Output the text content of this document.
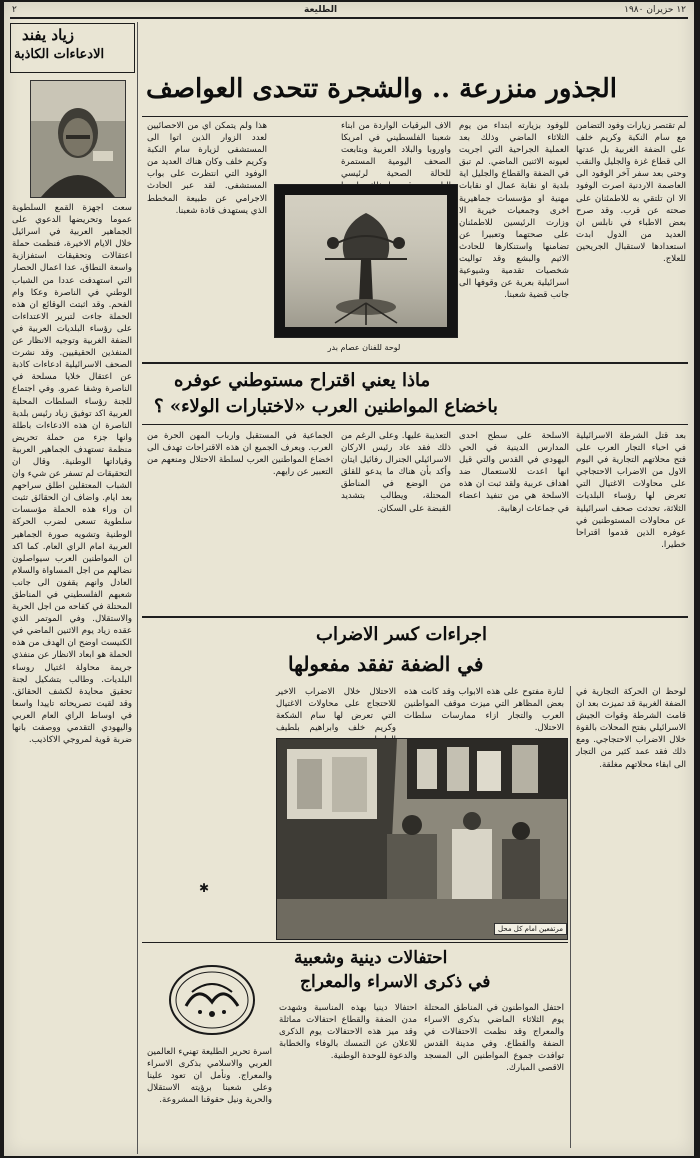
٢	الطليعة	١٢ حزيران ١٩٨٠
زياد يفند
الادعاءات الكاذبة
سعت اجهزة القمع السلطوية عموما وتحريضها الدعوي على الجماهير العربية في اسرائيل خلال الايام الاخيرة، فنظمت حملة اعتقالات وتحقيقات استفزازية واسعة النطاق، عدا اعمال الحصار التي استهدفت عددا من الشباب الوطني في الناصرة وعكا وام الفحم. وقد اثبتت الوقائع ان هذه الحملة جاءت لتبرير الاعتداءات على رؤساء البلديات العربية في الضفة الغربية وتوجيه الانظار عن المنفذين الحقيقيين. وقد نشرت الصحف الاسرائيلية ادعاءات كاذبة عن اعتقال خلايا مسلحة في الناصرة وشفا عمرو. وفي اجتماع للجنة رؤساء السلطات المحلية العربية اكد توفيق زياد رئيس بلدية الناصرة ان هذه الادعاءات باطلة وانها جزء من حملة تحريض منظمة تستهدف الجماهير العربية وقياداتها الوطنية. وقال ان التحقيقات لم تسفر عن شيء وان الشباب المعتقلين اطلق سراحهم بعد ايام. واضاف ان الحقائق تثبت ان وراء هذه الحملة مؤسسات سلطوية تسعى لضرب الحركة الوطنية وتشويه صورة الجماهير العربية امام الراي العام. كما اكد ان المواطنين العرب سيواصلون نضالهم من اجل المساواة والسلام العادل وانهم يقفون الى جانب شعبهم الفلسطيني في المناطق المحتلة في كفاحه من اجل الحرية والاستقلال. وفي الموتمر الذي عقده زياد يوم الاثنين الماضي في الكنيست اوضح ان الهدف من هذه الحملة هو ابعاد الانظار عن منفذي جريمة محاولة اغتيال روساء البلديات. وطالب بتشكيل لجنة تحقيق محايدة لكشف الحقائق. وقد لقيت تصريحاته تاييدا واسعا في اوساط الراي العام العربي واليهودي التقدمي ووصفت بانها ضربة قوية لمروجي الاكاذيب.
الجذور منزرعة .. والشجرة تتحدى العواصف
لم تقتصر زيارات وفود التضامن مع سام النكبة وكريم خلف على الضفة الغربية بل عدتها الى قطاع غزة والجليل والنقب وحتى بعد سفر آخر الوفود الى العاصمة الاردنية اصرت الوفود الا ان تلتقي به للاطمئنان على صحته عن قرب. وقد صرح بعض الاطباء في نابلس ان العديد من الدول ابدت استعدادها لاستقبال الجريحين للعلاج.
للوفود بزيارته ابتداء من يوم الثلاثاء الماضي وذلك بعد العملية الجراحية التي اجريت لعيونه الاثنين الماضي. لم تبق في الضفة والقطاع والجليل اية بلدية او نقابة عمال او نقابات مهنية او مؤسسات جماهيرية اخرى وجمعيات خيرية الا وزارت الرئيسين للاطمئنان على صحتهما وتعبيرا عن تضامنها واستنكارها للحادث الاثيم والبشع وقد تواليت شخصيات تقدمية وشيوعية اسرائيلية بعرية عن وقوفها الى جانب قضية شعبنا.
الاف البرقيات الواردة من ابناء شعبنا الفلسطيني في امريكا واوروبا والبلاد العربية وبتابعت الصحف اليومية المستمرة للحالة الصحية لرئيسي
هذا ولم يتمكن اي من الاحصائيين لعدد الزوار الذين اتوا الى المستشفى لزيارة سام النكبة وكريم خلف وكان هناك العديد من الوفود التي انتظرت على بواب المستشفى. لقد عبر الحادث الاجرامي عن طبيعة المخطط الذي يستهدف قادة شعبنا.
لوحة للفنان عصام بدر
ماذا يعني اقتراح مستوطني عوفره
باخضاع المواطنين العرب «لاختبارات الولاء» ؟
بعد قتل الشرطة الاسرائيلية في احياء التجار العرب على فتح محلاتهم التجارية في اليوم الاول من الاضراب الاحتجاجي على محاولات الاغتيال التي تعرض لها رؤساء البلديات الثلاثة، تحدثت صحف اسرائيلية عن محاولات المستوطنين في عوفره الذين قدموا اقتراحا خطيرا.
الاسلحة على سطح احدى المدارس الدينية في الحي اليهودي في القدس والتي قيل انها اعدت للاستعمال ضد اهداف عربية ولقد ثبت ان هذه الاسلحة هي من تنفيذ اعضاء في جماعات ارهابية.
التعذيبة عليها. وعلى الرغم من ذلك فقد عاد رئيس الاركان الاسرائيلي الجنرال رفائيل ايتان وأكد بأن هناك ما يدعو للقلق من الوضع في المناطق المحتلة، ويطالب بتشديد القبضة على السكان.
الجماعية في المستقبل وارباب المهن الحرة من العرب. ويعرف الجميع ان هذه الاقتراحات تهدف الى اخضاع المواطنين العرب لسلطة الاحتلال ومنعهم من التعبير عن رايهم.
اجراءات كسر الاضراب
في الضفة تفقد مفعولها
لوحظ ان الحركة التجارية في الضفة الغربية قد تميزت بعد ان قامت الشرطة وقوات الجيش الاسرائيلي بفتح المحلات بالقوة خلال الاضراب الاحتجاجي. ومع ذلك فقد عمد كثير من التجار الى ابقاء محلاتهم مغلقة.
لتارة مفتوح على هذه الابواب وقد كانت هذه بعض المظاهر التي ميزت موقف المواطنين العرب والتجار ازاء ممارسات سلطات الاحتلال.
الاحتلال خلال الاضراب الاخير للاحتجاج على محاولات الاغتيال التي تعرض لها سام الشكعة وكريم خلف وابراهيم بلطيف
مرتفعين امام كل محل
✱
احتفالات دينية وشعبية
في ذكرى الاسراء والمعراج
احتفل المواطنون في المناطق المحتلة يوم الثلاثاء الماضي بذكرى الاسراء والمعراج وقد نظمت الاحتفالات في الضفة والقطاع. وفي مدينة القدس توافدت جموع المواطنين الى المسجد الاقصى المبارك.
احتفالا دينيا بهذه المناسبة وشهدت مدن الضفة والقطاع احتفالات مماثلة وقد ميز هذه الاحتفالات يوم الذكرى للاعلان عن التمسك بالوفاء والخطابة والدعوة للوحدة الوطنية.
اسرة تحرير الطليعة تهنيء العالمين العربي والاسلامي بذكرى الاسراء والمعراج. ونأمل ان تعود علينا وعلى شعبنا برؤيته الاستقلال والحرية ونيل حقوقنا المشروعة.
